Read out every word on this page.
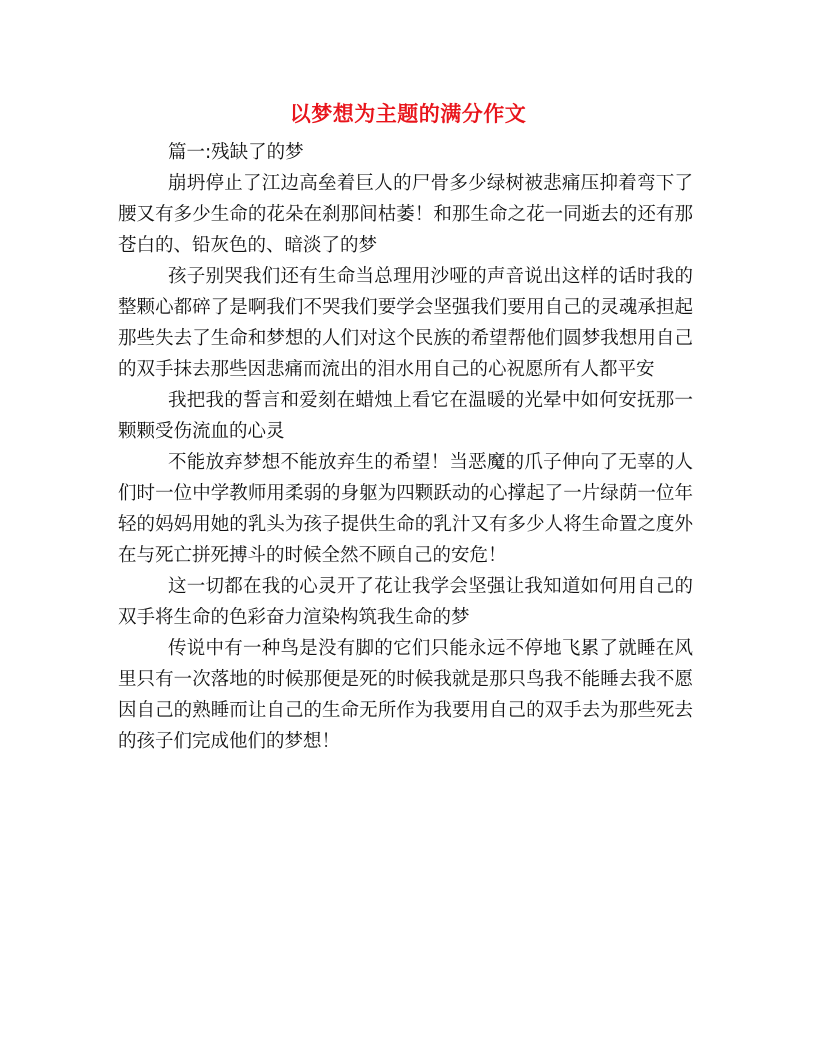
以梦想为主题的满分作文

篇一:残缺了的梦

崩坍停止了江边高垒着巨人的尸骨多少绿树被悲痛压抑着弯下了腰又有多少生命的花朵在刹那间枯萎！和那生命之花一同逝去的还有那苍白的、铅灰色的、暗淡了的梦

孩子别哭我们还有生命当总理用沙哑的声音说出这样的话时我的整颗心都碎了是啊我们不哭我们要学会坚强我们要用自己的灵魂承担起那些失去了生命和梦想的人们对这个民族的希望帮他们圆梦我想用自己的双手抹去那些因悲痛而流出的泪水用自己的心祝愿所有人都平安

我把我的誓言和爱刻在蜡烛上看它在温暖的光晕中如何安抚那一颗颗受伤流血的心灵

不能放弃梦想不能放弃生的希望！当恶魔的爪子伸向了无辜的人们时一位中学教师用柔弱的身躯为四颗跃动的心撑起了一片绿荫一位年轻的妈妈用她的乳头为孩子提供生命的乳汁又有多少人将生命置之度外在与死亡拼死搏斗的时候全然不顾自己的安危！

这一切都在我的心灵开了花让我学会坚强让我知道如何用自己的双手将生命的色彩奋力渲染构筑我生命的梦

传说中有一种鸟是没有脚的它们只能永远不停地飞累了就睡在风里只有一次落地的时候那便是死的时候我就是那只鸟我不能睡去我不愿因自己的熟睡而让自己的生命无所作为我要用自己的双手去为那些死去的孩子们完成他们的梦想！
